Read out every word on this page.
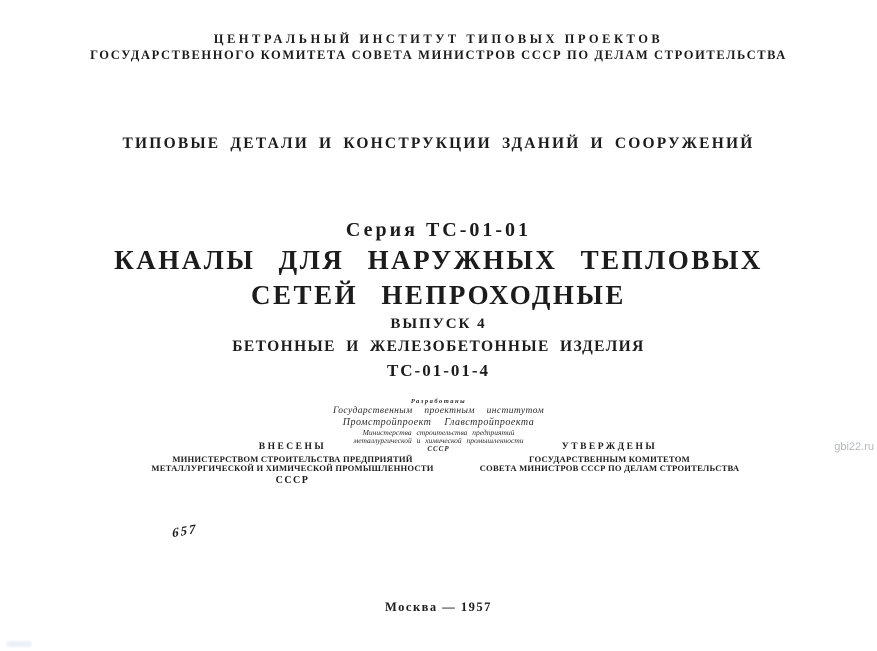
ЦЕНТРАЛЬНЫЙ ИНСТИТУТ ТИПОВЫХ ПРОЕКТОВ
ГОСУДАРСТВЕННОГО КОМИТЕТА СОВЕТА МИНИСТРОВ СССР ПО ДЕЛАМ СТРОИТЕЛЬСТВА
ТИПОВЫЕ ДЕТАЛИ И КОНСТРУКЦИИ ЗДАНИЙ И СООРУЖЕНИЙ
Серия ТС-01-01
КАНАЛЫ ДЛЯ НАРУЖНЫХ ТЕПЛОВЫХ
СЕТЕЙ НЕПРОХОДНЫЕ
ВЫПУСК 4
БЕТОННЫЕ И ЖЕЛЕЗОБЕТОННЫЕ ИЗДЕЛИЯ
ТС-01-01-4
Разработаны
Государственным проектным институтом
Промстройпроект Главстройпроекта
Министерства строительства предприятий
металлургической и химической промышленности
СССР
ВНЕСЕНЫ
МИНИСТЕРСТВОМ СТРОИТЕЛЬСТВА ПРЕДПРИЯТИЙ
МЕТАЛЛУРГИЧЕСКОЙ И ХИМИЧЕСКОЙ ПРОМЫШЛЕННОСТИ
СССР
УТВЕРЖДЕНЫ
ГОСУДАРСТВЕННЫМ КОМИТЕТОМ
СОВЕТА МИНИСТРОВ СССР ПО ДЕЛАМ СТРОИТЕЛЬСТВА
657
Москва — 1957
gbi22.ru
